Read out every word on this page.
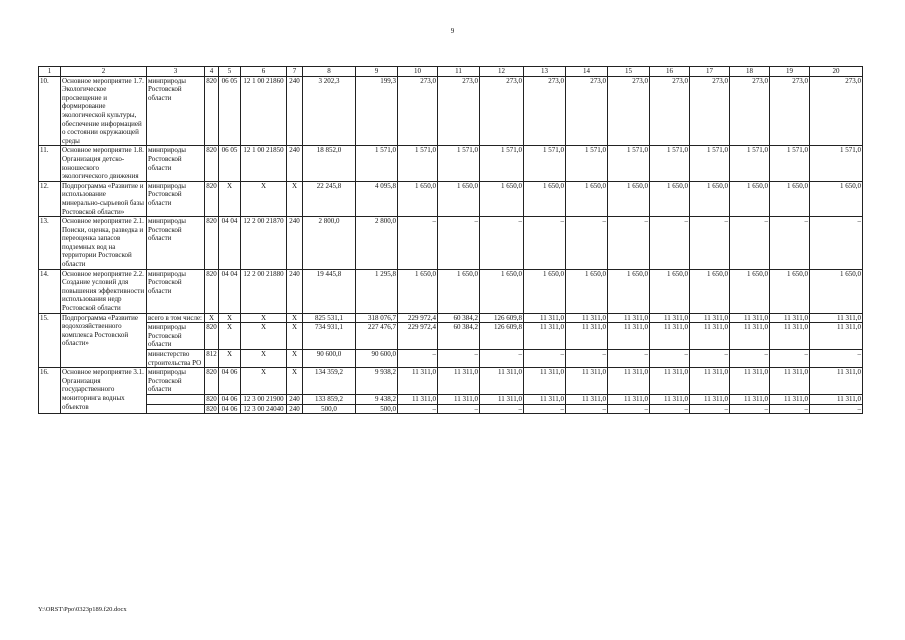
9
1	2	3	4	5	6	7	8	9	10	11	12	13	14	15	16	17	18	19	20
10.	Основное мероприятие 1.7. Экологическое просвещение и формирование экологической культуры, обеспечение информацией о состоянии окружающей среды	минприроды Ростовской области	820	06 05	12 1 00 21860	240	3 202,3	199,3	273,0	273,0	273,0	273,0	273,0	273,0	273,0	273,0	273,0	273,0	273,0
11.	Основное мероприятие 1.8. Организация детско-юношеского экологического движения	минприроды Ростовской области	820	06 05	12 1 00 21850	240	18 852,0	1 571,0	1 571,0	1 571,0	1 571,0	1 571,0	1 571,0	1 571,0	1 571,0	1 571,0	1 571,0	1 571,0	1 571,0
12.	Подпрограмма «Развитие и использование минерально-сырьевой базы Ростовской области»	минприроды Ростовской области	820	X	X	X	22 245,8	4 095,8	1 650,0	1 650,0	1 650,0	1 650,0	1 650,0	1 650,0	1 650,0	1 650,0	1 650,0	1 650,0	1 650,0
13.	Основное мероприятие 2.1. Поиски, оценка, разведка и переоценка запасов подземных вод на территории Ростовской области	минприроды Ростовской области	820	04 04	12 2 00 21870	240	2 800,0	2 800,0	–	–	–	–	–	–	–	–	–	–	–
14.	Основное мероприятие 2.2. Создание условий для повышения эффективности использования недр Ростовской области	минприроды Ростовской области	820	04 04	12 2 00 21880	240	19 445,8	1 295,8	1 650,0	1 650,0	1 650,0	1 650,0	1 650,0	1 650,0	1 650,0	1 650,0	1 650,0	1 650,0	1 650,0
15.	Подпрограмма «Развитие водохозяйственного комплекса Ростовской области»	всего в том числе:	X	X	X	X	825 531,1	318 076,7	229 972,4	60 384,2	126 609,8	11 311,0	11 311,0	11 311,0	11 311,0	11 311,0	11 311,0	11 311,0	11 311,0
		минприроды Ростовской области	820	X	X	X	734 931,1	227 476,7	229 972,4	60 384,2	126 609,8	11 311,0	11 311,0	11 311,0	11 311,0	11 311,0	11 311,0	11 311,0	11 311,0
		министерство строительства РО	812	X	X	X	90 600,0	90 600,0	–	–	–	–	–	–	–	–	–	–	–
16.	Основное мероприятие 3.1. Организация государственного мониторинга водных объектов	минприроды Ростовской области	820	04 06	X	X	134 359,2	9 938,2	11 311,0	11 311,0	11 311,0	11 311,0	11 311,0	11 311,0	11 311,0	11 311,0	11 311,0	11 311,0	11 311,0
			820	04 06	12 3 00 21900	240	133 859,2	9 438,2	11 311,0	11 311,0	11 311,0	11 311,0	11 311,0	11 311,0	11 311,0	11 311,0	11 311,0	11 311,0	11 311,0
			820	04 06	12 3 00 24040	240	500,0	500,0	–	–	–	–	–	–	–	–	–	–	–
Y:\ORST\Ppo\0323p189.f20.docx
